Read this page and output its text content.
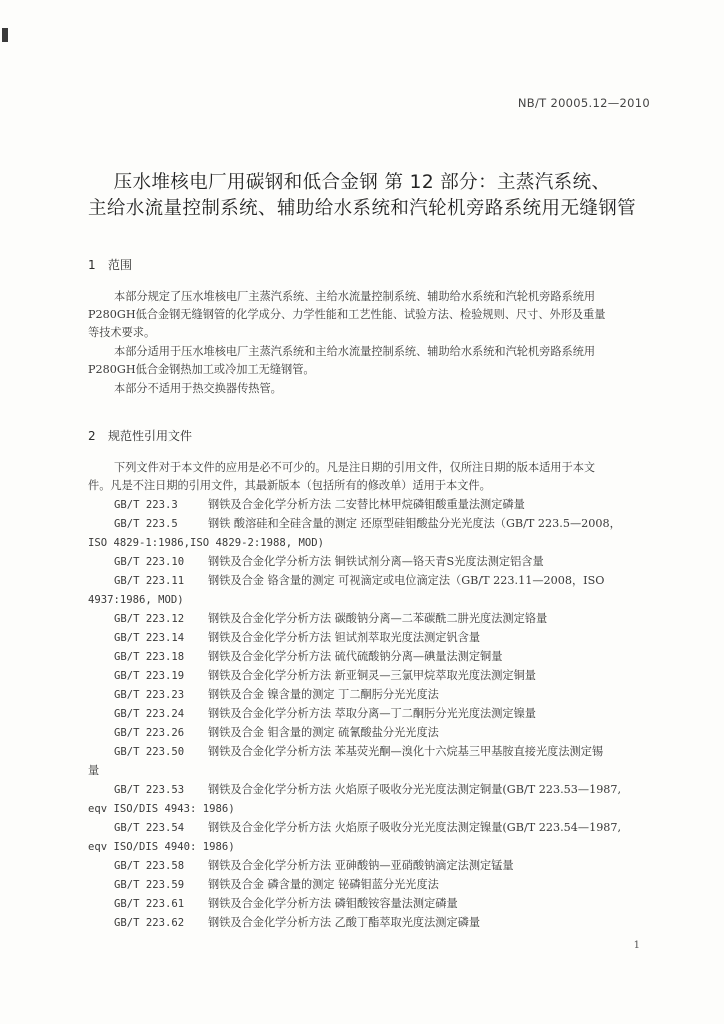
NB/T 20005.12—2010
压水堆核电厂用碳钢和低合金钢 第 12 部分：主蒸汽系统、
主给水流量控制系统、辅助给水系统和汽轮机旁路系统用无缝钢管
1 范围
本部分规定了压水堆核电厂主蒸汽系统、主给水流量控制系统、辅助给水系统和汽轮机旁路系统用
P280GH低合金钢无缝钢管的化学成分、力学性能和工艺性能、试验方法、检验规则、尺寸、外形及重量
等技术要求。
本部分适用于压水堆核电厂主蒸汽系统和主给水流量控制系统、辅助给水系统和汽轮机旁路系统用
P280GH低合金钢热加工或冷加工无缝钢管。
本部分不适用于热交换器传热管。
2 规范性引用文件
下列文件对于本文件的应用是必不可少的。凡是注日期的引用文件，仅所注日期的版本适用于本文
件。凡是不注日期的引用文件，其最新版本（包括所有的修改单）适用于本文件。
GB/T 223.3	钢铁及合金化学分析方法 二安替比林甲烷磷钼酸重量法测定磷量
GB/T 223.5	钢铁 酸溶硅和全硅含量的测定 还原型硅钼酸盐分光光度法（GB/T 223.5—2008，
ISO 4829-1:1986,ISO 4829-2:1988, MOD)
GB/T 223.10 钢铁及合金化学分析方法 铜铁试剂分离—铬天青S光度法测定铝含量
GB/T 223.11 钢铁及合金 铬含量的测定 可视滴定或电位滴定法（GB/T 223.11—2008，ISO
4937:1986, MOD)
GB/T 223.12 钢铁及合金化学分析方法 碳酸钠分离—二苯碳酰二肼光度法测定铬量
GB/T 223.14 钢铁及合金化学分析方法 钽试剂萃取光度法测定钒含量
GB/T 223.18 钢铁及合金化学分析方法 硫代硫酸钠分离—碘量法测定铜量
GB/T 223.19 钢铁及合金化学分析方法 新亚铜灵—三氯甲烷萃取光度法测定铜量
GB/T 223.23 钢铁及合金 镍含量的测定 丁二酮肟分光光度法
GB/T 223.24 钢铁及合金化学分析方法 萃取分离—丁二酮肟分光光度法测定镍量
GB/T 223.26 钢铁及合金 钼含量的测定 硫氰酸盐分光光度法
GB/T 223.50 钢铁及合金化学分析方法 苯基荧光酮—溴化十六烷基三甲基胺直接光度法测定锡
量
GB/T 223.53 钢铁及合金化学分析方法 火焰原子吸收分光光度法测定铜量(GB/T 223.53—1987,
eqv ISO/DIS 4943: 1986)
GB/T 223.54 钢铁及合金化学分析方法 火焰原子吸收分光光度法测定镍量(GB/T 223.54—1987,
eqv ISO/DIS 4940: 1986)
GB/T 223.58 钢铁及合金化学分析方法 亚砷酸钠—亚硝酸钠滴定法测定锰量
GB/T 223.59 钢铁及合金 磷含量的测定 铋磷钼蓝分光光度法
GB/T 223.61 钢铁及合金化学分析方法 磷钼酸铵容量法测定磷量
GB/T 223.62 钢铁及合金化学分析方法 乙酸丁酯萃取光度法测定磷量
1
